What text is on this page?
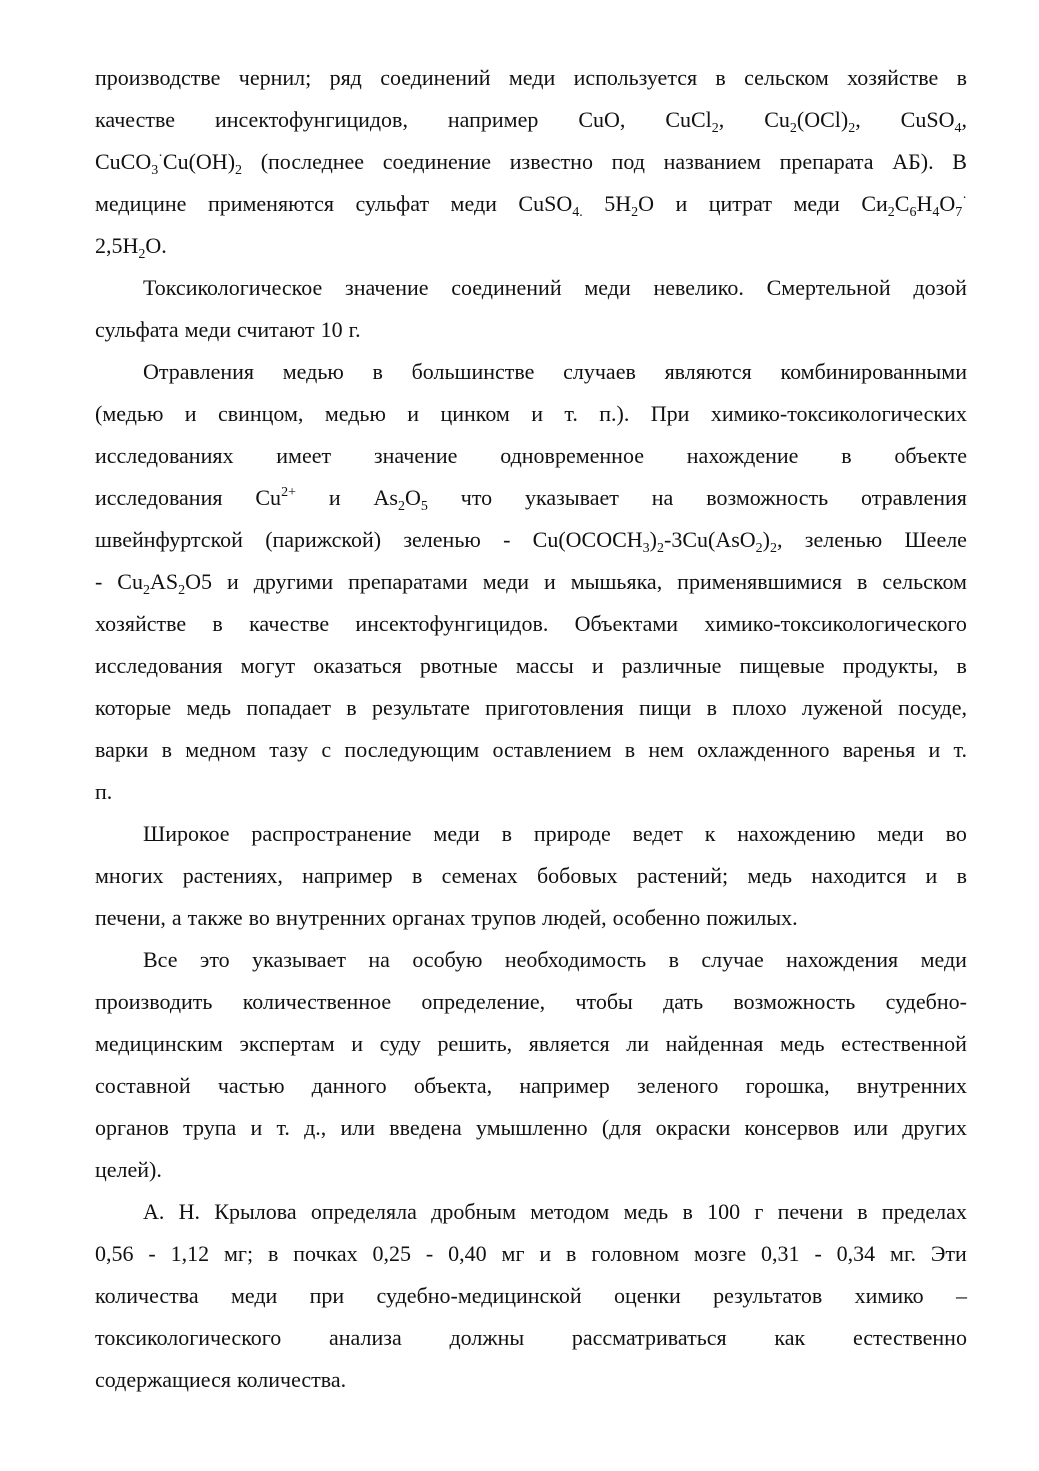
производстве чернил; ряд соединений меди используется в сельском хозяйстве в
качестве инсектофунгицидов, например CuO, CuCl$_2$, $Cu_2(OCl)_2$, CuSO$_4$,
$CuCO_3^\cdot Cu(OH)_2$ (последнее соединение известно под названием препарата АБ). В
медицине применяются сульфат меди CuSO$_{4.}$ $5H_2O$ и цитрат меди $Cи_2C_6H_4O_7^\cdot$
$2,5H_2O$.
Токсикологическое значение соединений меди невелико. Смертельной дозой
сульфата меди считают 10 г.
Отравления медью в большинстве случаев являются комбинированными
(медью и свинцом, медью и цинком и т. п.). При химико-токсикологических
исследованиях имеет значение одновременное нахождение в объекте
исследования $Cu^{2+}$ и $As_2O_5$ что указывает на возможность отравления
швейнфуртской (парижской) зеленью - $Cu(OCOCH_3)_2-3Cu(AsO_2)_2$, зеленью Шееле
- $Cu_2AS_2O5$ и другими препаратами меди и мышьяка, применявшимися в сельском
хозяйстве в качестве инсектофунгицидов. Объектами химико-токсикологического
исследования могут оказаться рвотные массы и различные пищевые продукты, в
которые медь попадает в результате приготовления пищи в плохо луженой посуде,
варки в медном тазу с последующим оставлением в нем охлажденного варенья и т.
п.
Широкое распространение меди в природе ведет к нахождению меди во
многих растениях, например в семенах бобовых растений; медь находится и в
печени, а также во внутренних органах трупов людей, особенно пожилых.
Все это указывает на особую необходимость в случае нахождения меди
производить количественное определение, чтобы дать возможность судебно-
медицинским экспертам и суду решить, является ли найденная медь естественной
составной частью данного объекта, например зеленого горошка, внутренних
органов трупа и т. д., или введена умышленно (для окраски консервов или других
целей).
А. Н. Крылова определяла дробным методом медь в 100 г печени в пределах
0,56 - 1,12 мг; в почках 0,25 - 0,40 мг и в головном мозге 0,31 - 0,34 мг. Эти
количества меди при судебно-медицинской оценки результатов химико –
токсикологического анализа должны рассматриваться как естественно
содержащиеся количества.
